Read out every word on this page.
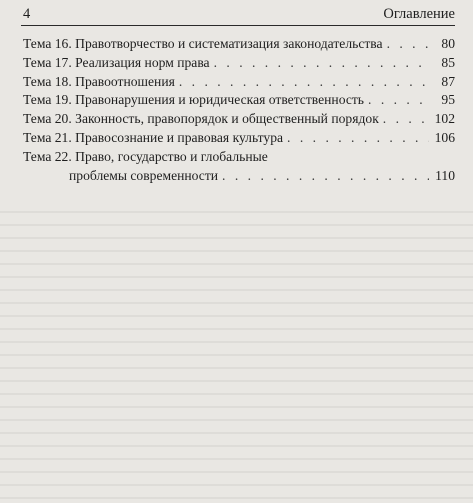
4	Оглавление
Тема 16. Правотворчество и систематизация законодательства . . .	80
Тема 17. Реализация норм права . . .	85
Тема 18. Правоотношения . . .	87
Тема 19. Правонарушения и юридическая ответственность . . .	95
Тема 20. Законность, правопорядок и общественный порядок . . .	102
Тема 21. Правосознание и правовая культура . . .	106
Тема 22. Право, государство и глобальные
проблемы современности . . .	110
